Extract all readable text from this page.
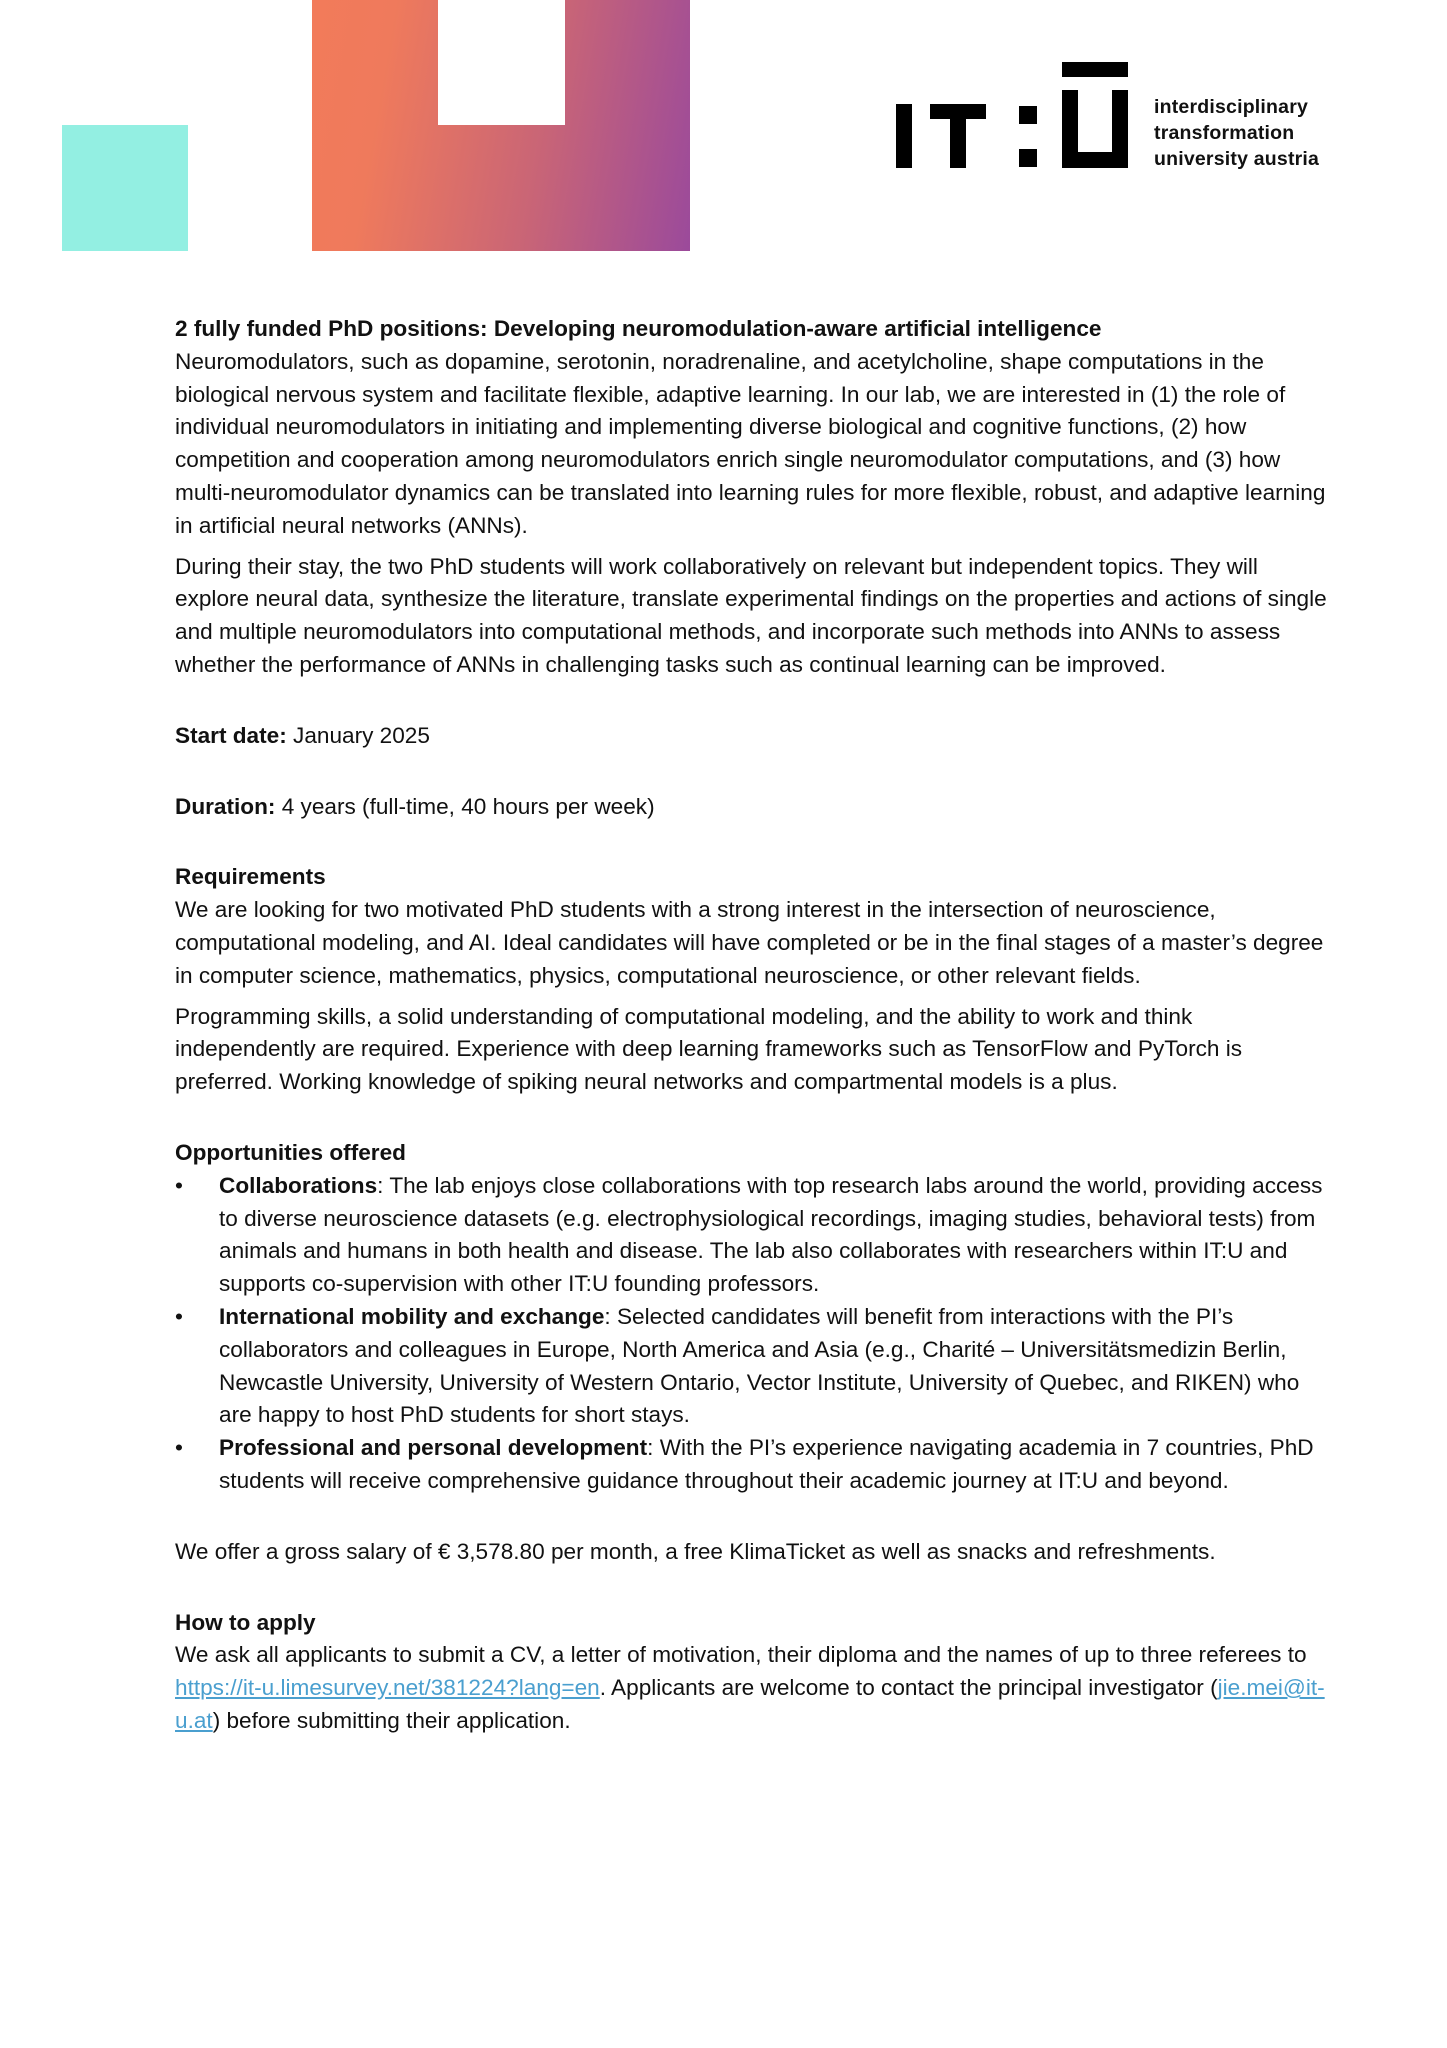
interdisciplinary
transformation
university austria

2 fully funded PhD positions: Developing neuromodulation-aware artificial intelligence

Neuromodulators, such as dopamine, serotonin, noradrenaline, and acetylcholine, shape computations in the biological nervous system and facilitate flexible, adaptive learning. In our lab, we are interested in (1) the role of individual neuromodulators in initiating and implementing diverse biological and cognitive functions, (2) how competition and cooperation among neuromodulators enrich single neuromodulator computations, and (3) how multi-neuromodulator dynamics can be translated into learning rules for more flexible, robust, and adaptive learning in artificial neural networks (ANNs).

During their stay, the two PhD students will work collaboratively on relevant but independent topics. They will explore neural data, synthesize the literature, translate experimental findings on the properties and actions of single and multiple neuromodulators into computational methods, and incorporate such methods into ANNs to assess whether the performance of ANNs in challenging tasks such as continual learning can be improved.

Start date: January 2025

Duration: 4 years (full-time, 40 hours per week)

Requirements

We are looking for two motivated PhD students with a strong interest in the intersection of neuroscience, computational modeling, and AI. Ideal candidates will have completed or be in the final stages of a master’s degree in computer science, mathematics, physics, computational neuroscience, or other relevant fields.

Programming skills, a solid understanding of computational modeling, and the ability to work and think independently are required. Experience with deep learning frameworks such as TensorFlow and PyTorch is preferred. Working knowledge of spiking neural networks and compartmental models is a plus.

Opportunities offered

• Collaborations: The lab enjoys close collaborations with top research labs around the world, providing access to diverse neuroscience datasets (e.g. electrophysiological recordings, imaging studies, behavioral tests) from animals and humans in both health and disease. The lab also collaborates with researchers within IT:U and supports co-supervision with other IT:U founding professors.
• International mobility and exchange: Selected candidates will benefit from interactions with the PI’s collaborators and colleagues in Europe, North America and Asia (e.g., Charité – Universitätsmedizin Berlin, Newcastle University, University of Western Ontario, Vector Institute, University of Quebec, and RIKEN) who are happy to host PhD students for short stays.
• Professional and personal development: With the PI’s experience navigating academia in 7 countries, PhD students will receive comprehensive guidance throughout their academic journey at IT:U and beyond.

We offer a gross salary of € 3,578.80 per month, a free KlimaTicket as well as snacks and refreshments.

How to apply

We ask all applicants to submit a CV, a letter of motivation, their diploma and the names of up to three referees to https://it-u.limesurvey.net/381224?lang=en. Applicants are welcome to contact the principal investigator (jie.mei@it-u.at) before submitting their application.
